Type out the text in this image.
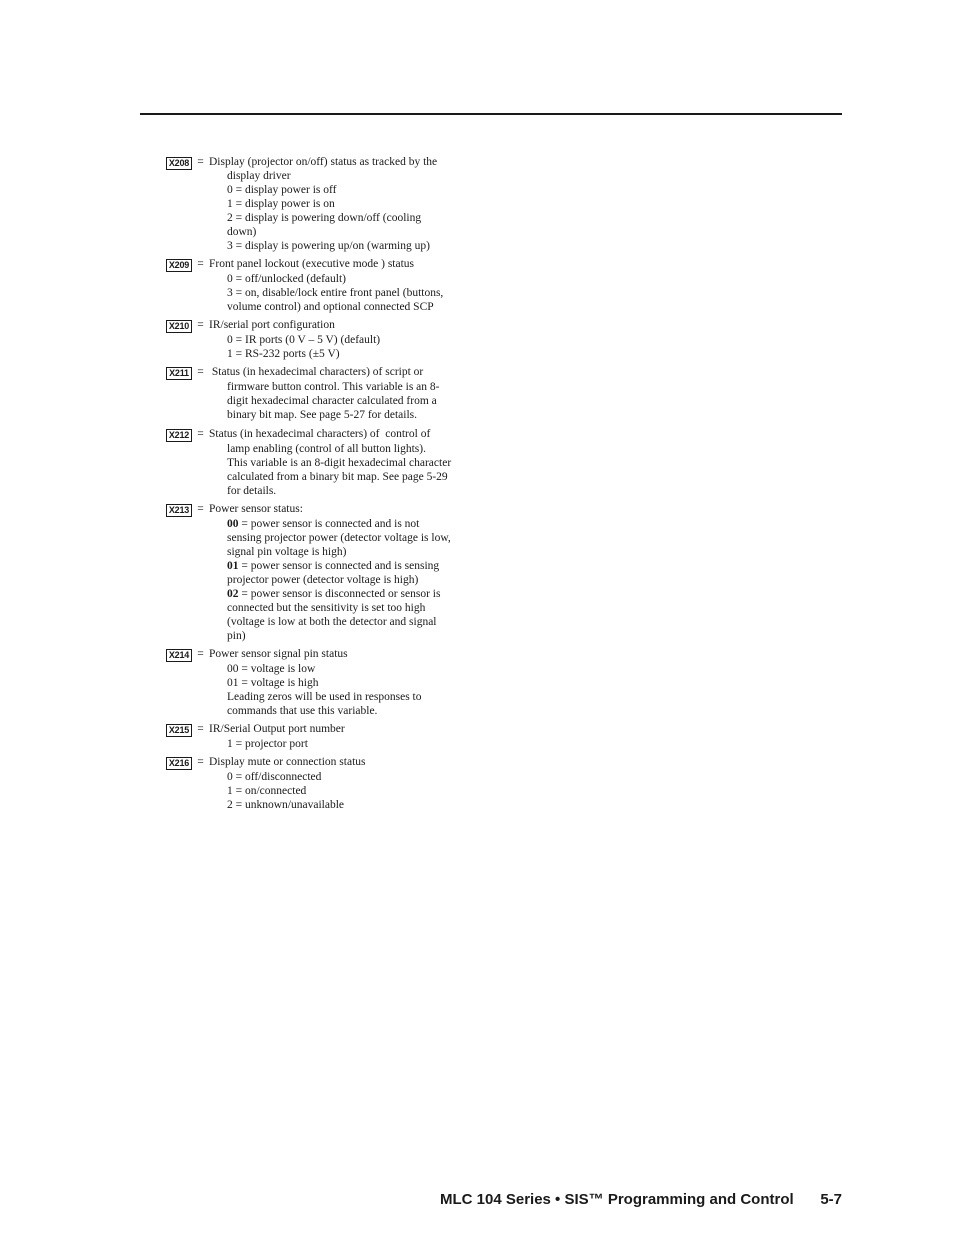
X208 = Display (projector on/off) status as tracked by the
display driver
0 = display power is off
1 = display power is on
2 = display is powering down/off (cooling
down)
3 = display is powering up/on (warming up)
X209 = Front panel lockout (executive mode ) status
0 = off/unlocked (default)
3 = on, disable/lock entire front panel (buttons,
volume control) and optional connected SCP
X210 = IR/serial port configuration
0 = IR ports (0 V – 5 V) (default)
1 = RS-232 ports (±5 V)
X211 = Status (in hexadecimal characters) of script or
firmware button control. This variable is an 8-
digit hexadecimal character calculated from a
binary bit map. See page 5-27 for details.
X212 = Status (in hexadecimal characters) of  control of
lamp enabling (control of all button lights).
This variable is an 8-digit hexadecimal character
calculated from a binary bit map. See page 5-29
for details.
X213 = Power sensor status:
00 = power sensor is connected and is not
sensing projector power (detector voltage is low,
signal pin voltage is high)
01 = power sensor is connected and is sensing
projector power (detector voltage is high)
02 = power sensor is disconnected or sensor is
connected but the sensitivity is set too high
(voltage is low at both the detector and signal
pin)
X214 = Power sensor signal pin status
00 = voltage is low
01 = voltage is high
Leading zeros will be used in responses to
commands that use this variable.
X215 = IR/Serial Output port number
1 = projector port
X216 = Display mute or connection status
0 = off/disconnected
1 = on/connected
2 = unknown/unavailable
MLC 104 Series • SIS™ Programming and Control 5-7
